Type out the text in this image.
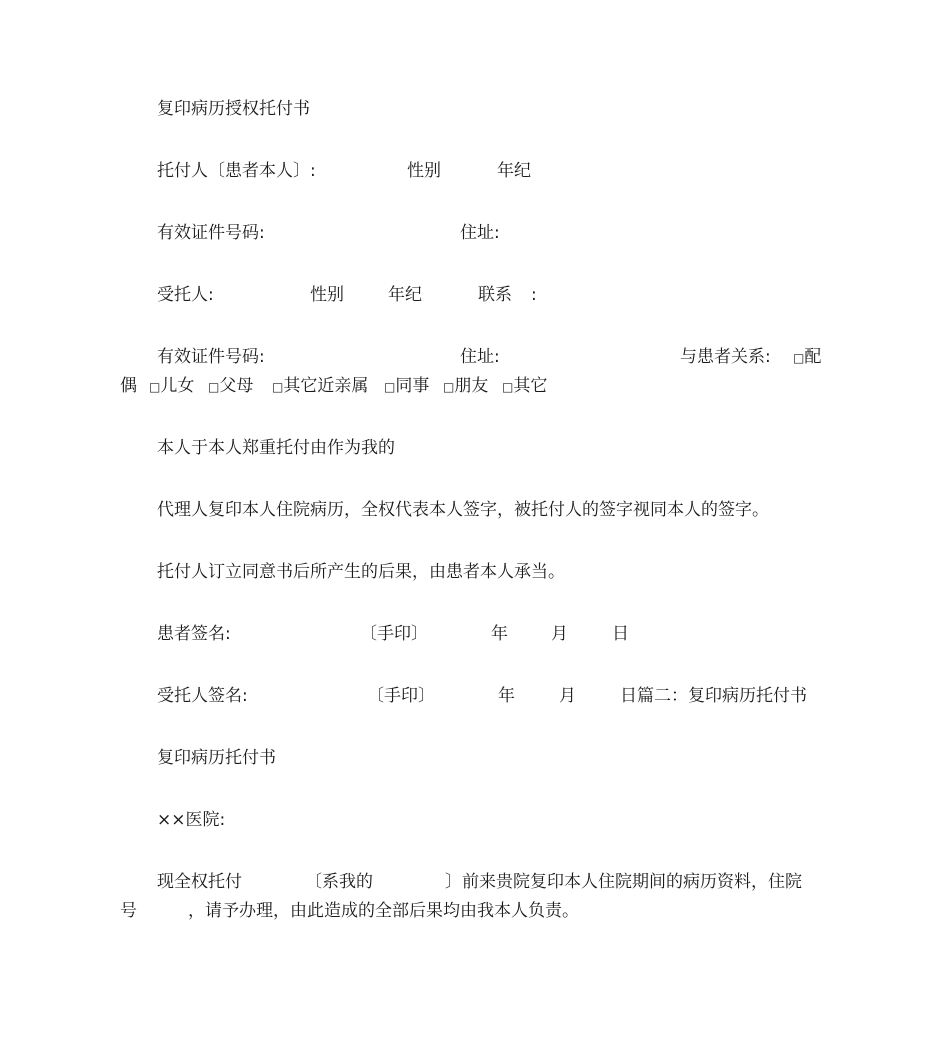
复印病历授权托付书
托付人〔患者本人〕:	性别	年纪
有效证件号码:	住址:
受托人:	性别	年纪	联系 :
有效证件号码:	住址:	与患者关系: □配
偶 □儿女 □父母 □其它近亲属 □同事 □朋友 □其它
本人于本人郑重托付由作为我的
代理人复印本人住院病历，全权代表本人签字，被托付人的签字视同本人的签字。
托付人订立同意书后所产生的后果，由患者本人承当。
患者签名:	〔手印〕	年	月	日
受托人签名:	〔手印〕	年	月	日篇二：复印病历托付书
复印病历托付书
××医院:
现全权托付	〔系我的	〕前来贵院复印本人住院期间的病历资料，住院
号	，请予办理，由此造成的全部后果均由我本人负责。
